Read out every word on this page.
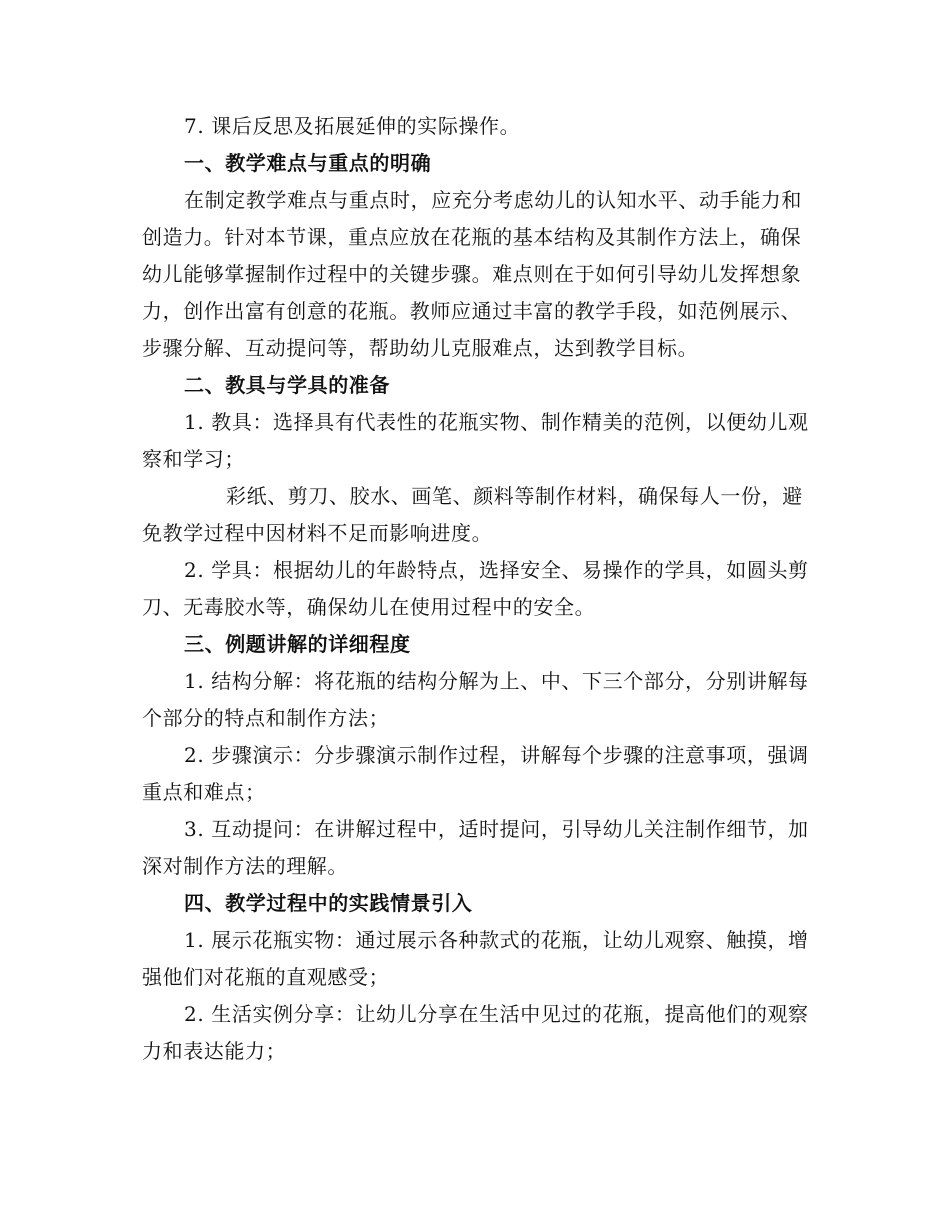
7. 课后反思及拓展延伸的实际操作。

一、教学难点与重点的明确

在制定教学难点与重点时，应充分考虑幼儿的认知水平、动手能力和创造力。针对本节课，重点应放在花瓶的基本结构及其制作方法上，确保幼儿能够掌握制作过程中的关键步骤。难点则在于如何引导幼儿发挥想象力，创作出富有创意的花瓶。教师应通过丰富的教学手段，如范例展示、步骤分解、互动提问等，帮助幼儿克服难点，达到教学目标。

二、教具与学具的准备

1. 教具：选择具有代表性的花瓶实物、制作精美的范例，以便幼儿观察和学习；

彩纸、剪刀、胶水、画笔、颜料等制作材料，确保每人一份，避免教学过程中因材料不足而影响进度。

2. 学具：根据幼儿的年龄特点，选择安全、易操作的学具，如圆头剪刀、无毒胶水等，确保幼儿在使用过程中的安全。

三、例题讲解的详细程度

1. 结构分解：将花瓶的结构分解为上、中、下三个部分，分别讲解每个部分的特点和制作方法；

2. 步骤演示：分步骤演示制作过程，讲解每个步骤的注意事项，强调重点和难点；

3. 互动提问：在讲解过程中，适时提问，引导幼儿关注制作细节，加深对制作方法的理解。

四、教学过程中的实践情景引入

1. 展示花瓶实物：通过展示各种款式的花瓶，让幼儿观察、触摸，增强他们对花瓶的直观感受；

2. 生活实例分享：让幼儿分享在生活中见过的花瓶，提高他们的观察力和表达能力；
